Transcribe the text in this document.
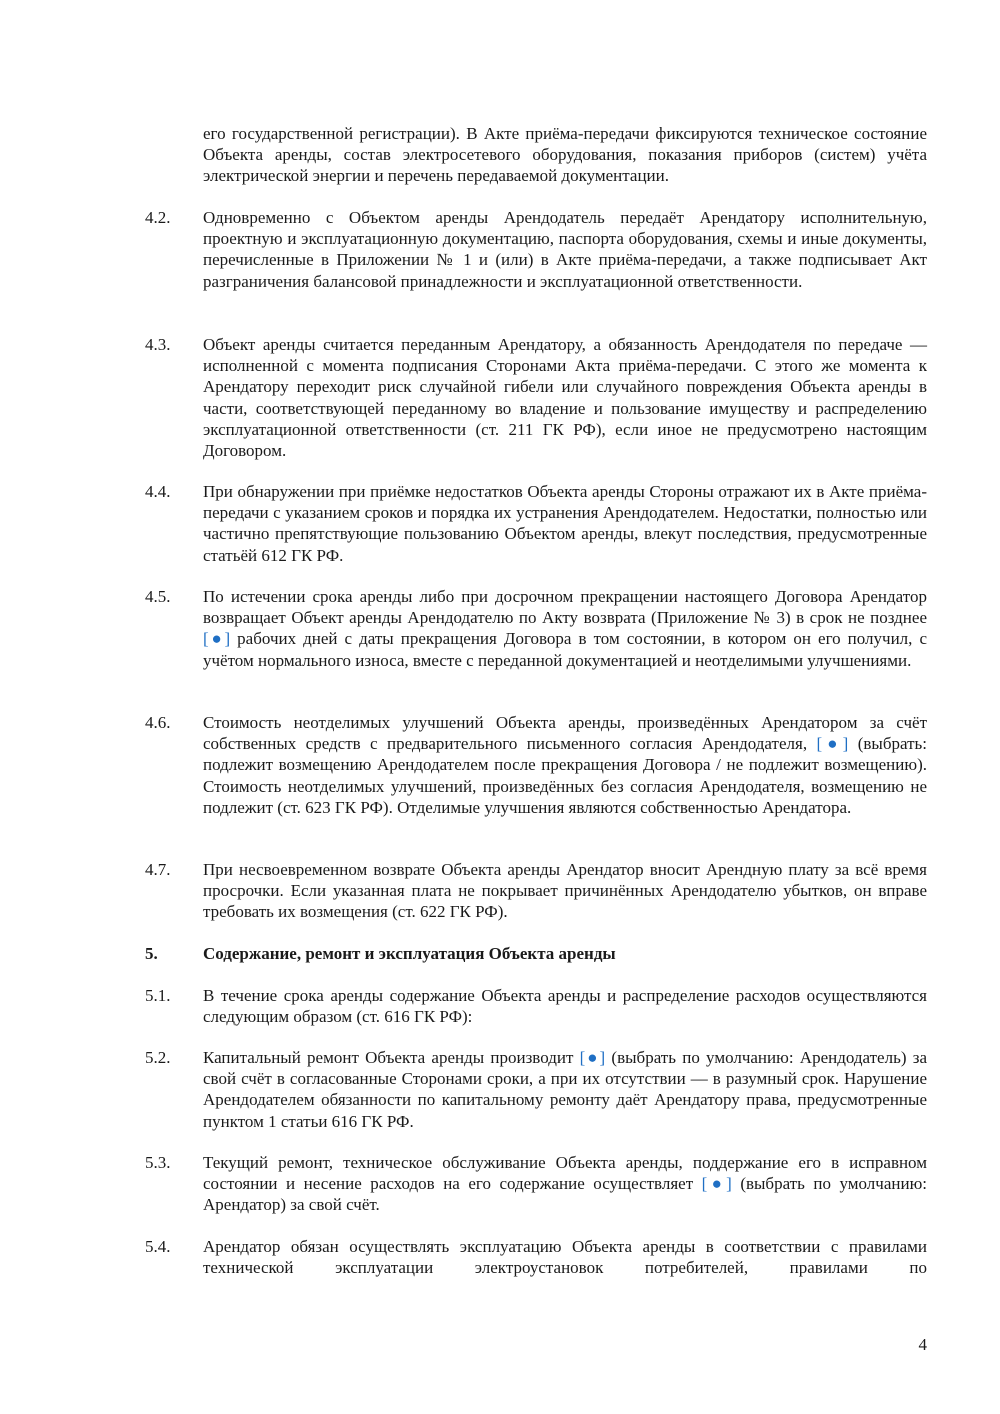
его государственной регистрации). В Акте приёма-передачи фиксируются техническое состояние Объекта аренды, состав электросетевого оборудования, показания приборов (систем) учёта электрической энергии и перечень передаваемой документации.

4.2. Одновременно с Объектом аренды Арендодатель передаёт Арендатору исполнительную, проектную и эксплуатационную документацию, паспорта оборудования, схемы и иные документы, перечисленные в Приложении № 1 и (или) в Акте приёма-передачи, а также подписывает Акт разграничения балансовой принадлежности и эксплуатационной ответственности.

4.3. Объект аренды считается переданным Арендатору, а обязанность Арендодателя по передаче — исполненной с момента подписания Сторонами Акта приёма-передачи. С этого же момента к Арендатору переходит риск случайной гибели или случайного повреждения Объекта аренды в части, соответствующей переданному во владение и пользование имуществу и распределению эксплуатационной ответственности (ст. 211 ГК РФ), если иное не предусмотрено настоящим Договором.

4.4. При обнаружении при приёмке недостатков Объекта аренды Стороны отражают их в Акте приёма-передачи с указанием сроков и порядка их устранения Арендодателем. Недостатки, полностью или частично препятствующие пользованию Объектом аренды, влекут последствия, предусмотренные статьёй 612 ГК РФ.

4.5. По истечении срока аренды либо при досрочном прекращении настоящего Договора Арендатор возвращает Объект аренды Арендодателю по Акту возврата (Приложение № 3) в срок не позднее [●] рабочих дней с даты прекращения Договора в том состоянии, в котором он его получил, с учётом нормального износа, вместе с переданной документацией и неотделимыми улучшениями.

4.6. Стоимость неотделимых улучшений Объекта аренды, произведённых Арендатором за счёт собственных средств с предварительного письменного согласия Арендодателя, [●] (выбрать: подлежит возмещению Арендодателем после прекращения Договора / не подлежит возмещению). Стоимость неотделимых улучшений, произведённых без согласия Арендодателя, возмещению не подлежит (ст. 623 ГК РФ). Отделимые улучшения являются собственностью Арендатора.

4.7. При несвоевременном возврате Объекта аренды Арендатор вносит Арендную плату за всё время просрочки. Если указанная плата не покрывает причинённых Арендодателю убытков, он вправе требовать их возмещения (ст. 622 ГК РФ).

5.	Содержание, ремонт и эксплуатация Объекта аренды

5.1. В течение срока аренды содержание Объекта аренды и распределение расходов осуществляются следующим образом (ст. 616 ГК РФ):

5.2. Капитальный ремонт Объекта аренды производит [●] (выбрать по умолчанию: Арендодатель) за свой счёт в согласованные Сторонами сроки, а при их отсутствии — в разумный срок. Нарушение Арендодателем обязанности по капитальному ремонту даёт Арендатору права, предусмотренные пунктом 1 статьи 616 ГК РФ.

5.3. Текущий ремонт, техническое обслуживание Объекта аренды, поддержание его в исправном состоянии и несение расходов на его содержание осуществляет [●] (выбрать по умолчанию: Арендатор) за свой счёт.

5.4. Арендатор обязан осуществлять эксплуатацию Объекта аренды в соответствии с правилами технической эксплуатации электроустановок потребителей, правилами по

4
